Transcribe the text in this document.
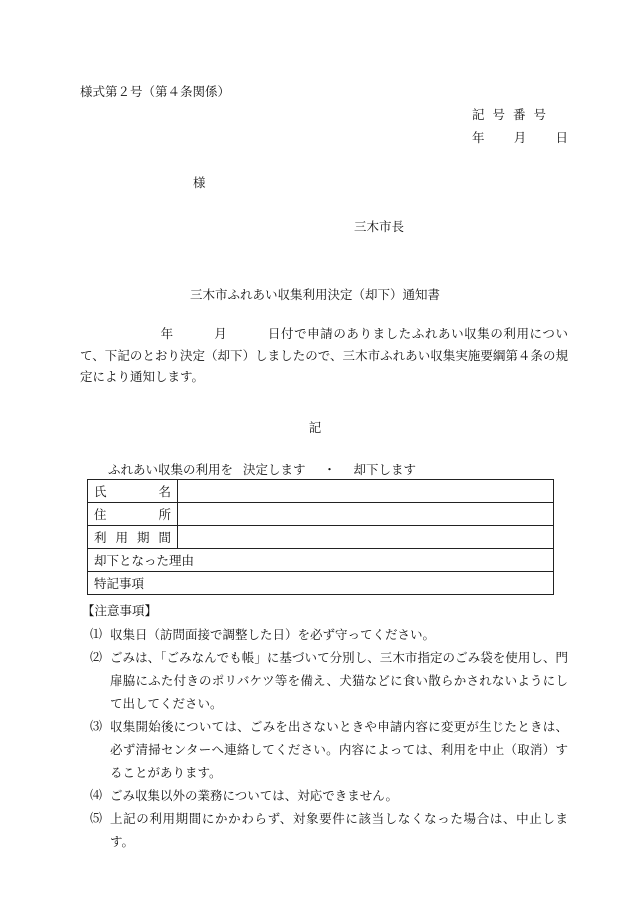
様式第２号（第４条関係）
記号番号
年 月 日
様
三木市長
三木市ふれあい収集利用決定（却下）通知書
年	月	日付で申請のありましたふれあい収集の利用について、下記のとおり決定（却下）しましたので、三木市ふれあい収集実施要綱第４条の規定により通知します。
記
ふれあい収集の利用を 決定します ・ 却下します
氏 名	

住 所	

利 用 期 間	

却下となった理由	
特記事項	
【注意事項】
⑴ 収集日（訪問面接で調整した日）を必ず守ってください。
⑵ ごみは、「ごみなんでも帳」に基づいて分別し、三木市指定のごみ袋を使用し、門扉脇にふた付きのポリバケツ等を備え、犬猫などに食い散らかされないようにして出してください。
⑶ 収集開始後については、ごみを出さないときや申請内容に変更が生じたときは、必ず清掃センターへ連絡してください。内容によっては、利用を中止（取消）することがあります。
⑷ ごみ収集以外の業務については、対応できません。
⑸ 上記の利用期間にかかわらず、対象要件に該当しなくなった場合は、中止します。
